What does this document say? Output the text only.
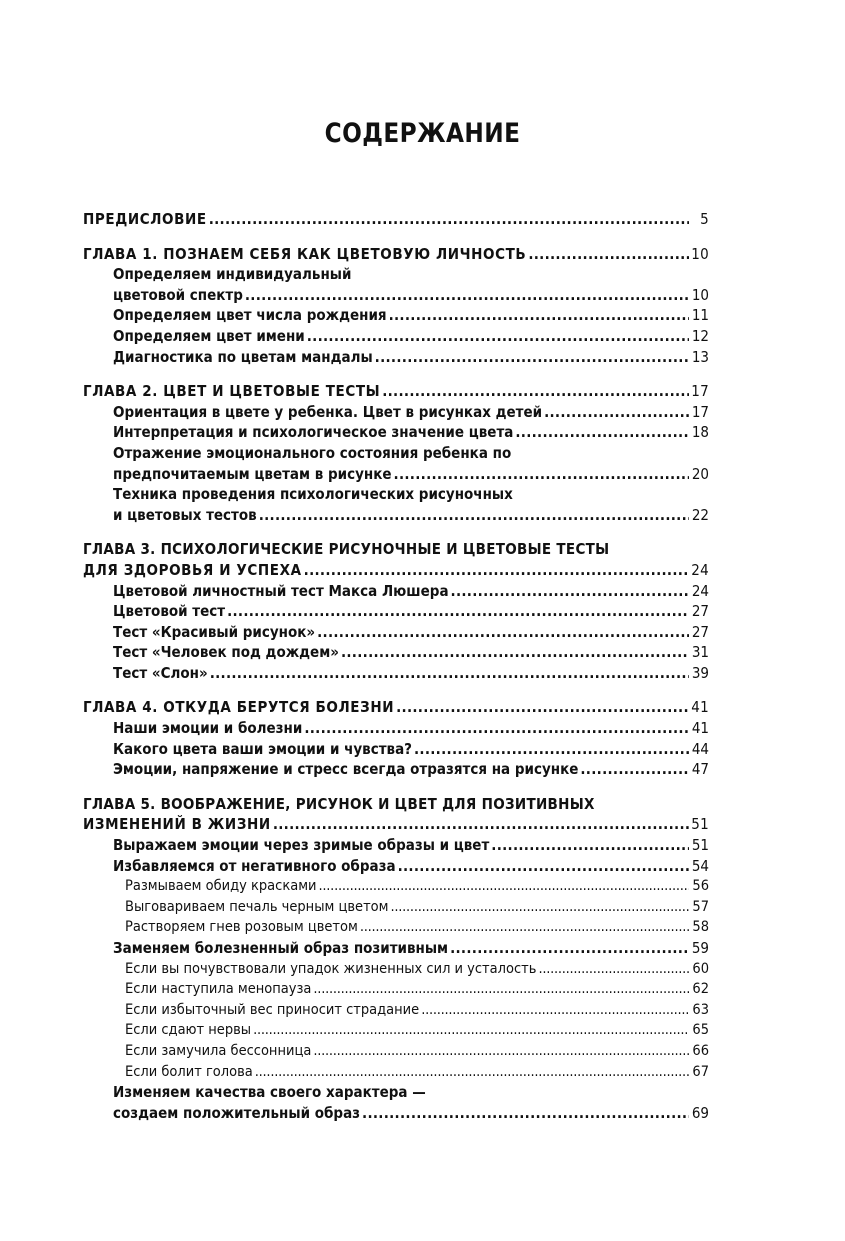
СОДЕРЖАНИЕ
ПРЕДИСЛОВИЕ . . .	5
ГЛАВА 1. ПОЗНАЕМ СЕБЯ КАК ЦВЕТОВУЮ ЛИЧНОСТЬ . . .	10
Определяем индивидуальный
цветовой спектр . . .	10
Определяем цвет числа рождения . . .	11
Определяем цвет имени . . .	12
Диагностика по цветам мандалы . . .	13
ГЛАВА 2. ЦВЕТ И ЦВЕТОВЫЕ ТЕСТЫ . . .	17
Ориентация в цвете у ребенка. Цвет в рисунках детей . . .	17
Интерпретация и психологическое значение цвета . . .	18
Отражение эмоционального состояния ребенка по
предпочитаемым цветам в рисунке . . .	20
Техника проведения психологических рисуночных
и цветовых тестов . . .	22
ГЛАВА 3. ПСИХОЛОГИЧЕСКИЕ РИСУНОЧНЫЕ И ЦВЕТОВЫЕ ТЕСТЫ
ДЛЯ ЗДОРОВЬЯ И УСПЕХА . . .	24
Цветовой личностный тест Макса Люшера . . .	24
Цветовой тест . . .	27
Тест «Красивый рисунок» . . .	27
Тест «Человек под дождем» . . .	31
Тест «Слон» . . .	39
ГЛАВА 4. ОТКУДА БЕРУТСЯ БОЛЕЗНИ . . .	41
Наши эмоции и болезни . . .	41
Какого цвета ваши эмоции и чувства? . . .	44
Эмоции, напряжение и стресс всегда отразятся на рисунке . . .	47
ГЛАВА 5. ВООБРАЖЕНИЕ, РИСУНОК И ЦВЕТ ДЛЯ ПОЗИТИВНЫХ
ИЗМЕНЕНИЙ В ЖИЗНИ . . .	51
Выражаем эмоции через зримые образы и цвет . . .	51
Избавляемся от негативного образа . . .	54
Размываем обиду красками . . .	56
Выговариваем печаль черным цветом . . .	57
Растворяем гнев розовым цветом . . .	58
Заменяем болезненный образ позитивным . . .	59
Если вы почувствовали упадок жизненных сил и усталость . . .	60
Если наступила менопауза . . .	62
Если избыточный вес приносит страдание . . .	63
Если сдают нервы . . .	65
Если замучила бессонница . . .	66
Если болит голова . . .	67
Изменяем качества своего характера —
создаем положительный образ . . .	69
